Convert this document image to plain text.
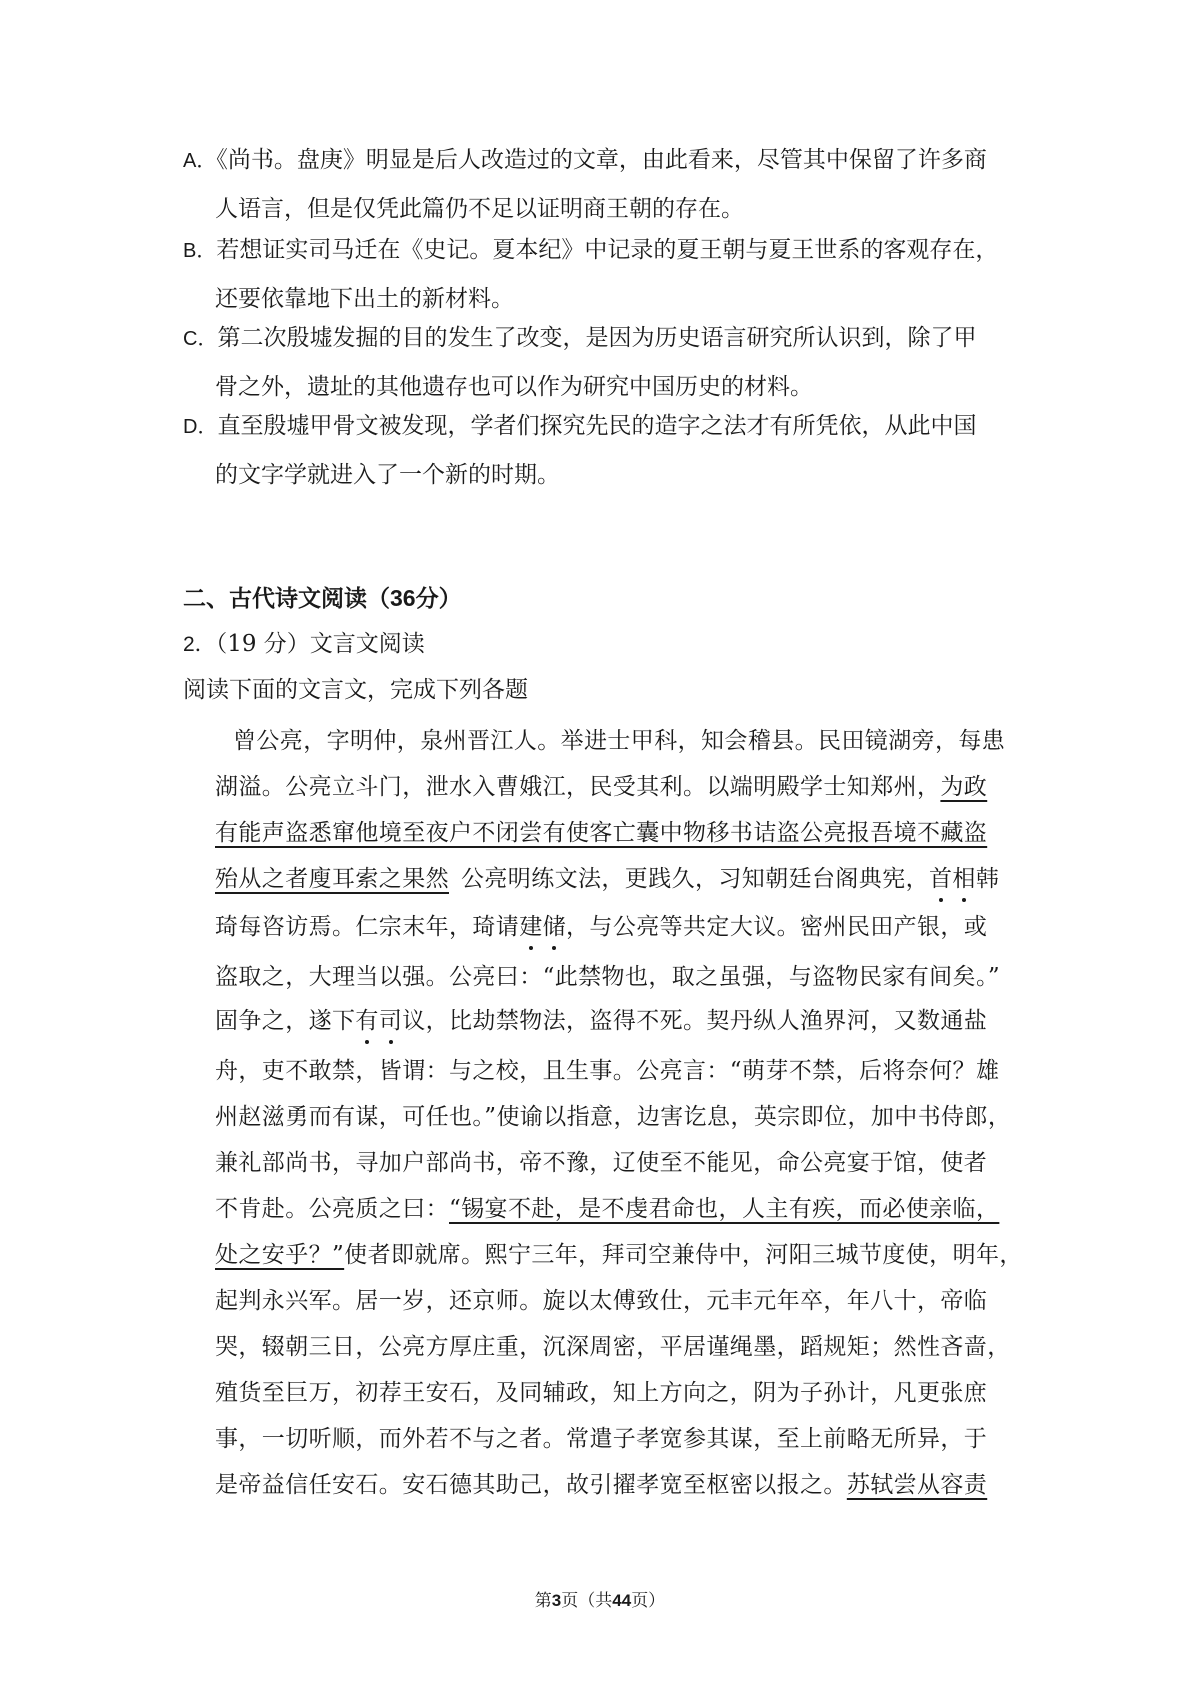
A．《尚书。盘庚》明显是后人改造过的文章，由此看来，尽管其中保留了许多商
人语言，但是仅凭此篇仍不足以证明商王朝的存在。
B．若想证实司马迁在《史记。夏本纪》中记录的夏王朝与夏王世系的客观存在，
还要依靠地下出土的新材料。
C．第二次殷墟发掘的目的发生了改变，是因为历史语言研究所认识到，除了甲
骨之外，遗址的其他遗存也可以作为研究中国历史的材料。
D．直至殷墟甲骨文被发现，学者们探究先民的造字之法才有所凭依，从此中国
的文字学就进入了一个新的时期。
二、古代诗文阅读（36分）
2．（19 分）文言文阅读
阅读下面的文言文，完成下列各题
曾公亮，字明仲，泉州晋江人。举进士甲科，知会稽县。民田镜湖旁，每患
湖溢。公亮立斗门，泄水入曹娥江，民受其利。以端明殿学士知郑州，为政
有能声盗悉窜他境至夜户不闭尝有使客亡囊中物移书诘盗公亮报吾境不藏盗
殆从之者廋耳索之果然 公亮明练文法，更践久，习知朝廷台阁典宪，首相韩
琦每咨访焉。仁宗末年，琦请建储，与公亮等共定大议。密州民田产银，或
盗取之，大理当以强。公亮曰：“此禁物也，取之虽强，与盗物民家有间矣。”
固争之，遂下有司议，比劫禁物法，盗得不死。契丹纵人渔界河，又数通盐
舟，吏不敢禁，皆谓：与之校，且生事。公亮言：“萌芽不禁，后将奈何？雄
州赵滋勇而有谋，可任也。”使谕以指意，边害讫息，英宗即位，加中书侍郎，
兼礼部尚书，寻加户部尚书，帝不豫，辽使至不能见，命公亮宴于馆，使者
不肯赴。公亮质之曰：“锡宴不赴，是不虔君命也，人主有疾，而必使亲临，
处之安乎？”使者即就席。熙宁三年，拜司空兼侍中，河阳三城节度使，明年，
起判永兴军。居一岁，还京师。旋以太傅致仕，元丰元年卒，年八十，帝临
哭，辍朝三日，公亮方厚庄重，沉深周密，平居谨绳墨，蹈规矩；然性吝啬，
殖货至巨万，初荐王安石，及同辅政，知上方向之，阴为子孙计，凡更张庶
事，一切听顺，而外若不与之者。常遣子孝宽参其谋，至上前略无所异，于
是帝益信任安石。安石德其助己，故引擢孝宽至枢密以报之。苏轼尝从容责
第3页（共44页）
